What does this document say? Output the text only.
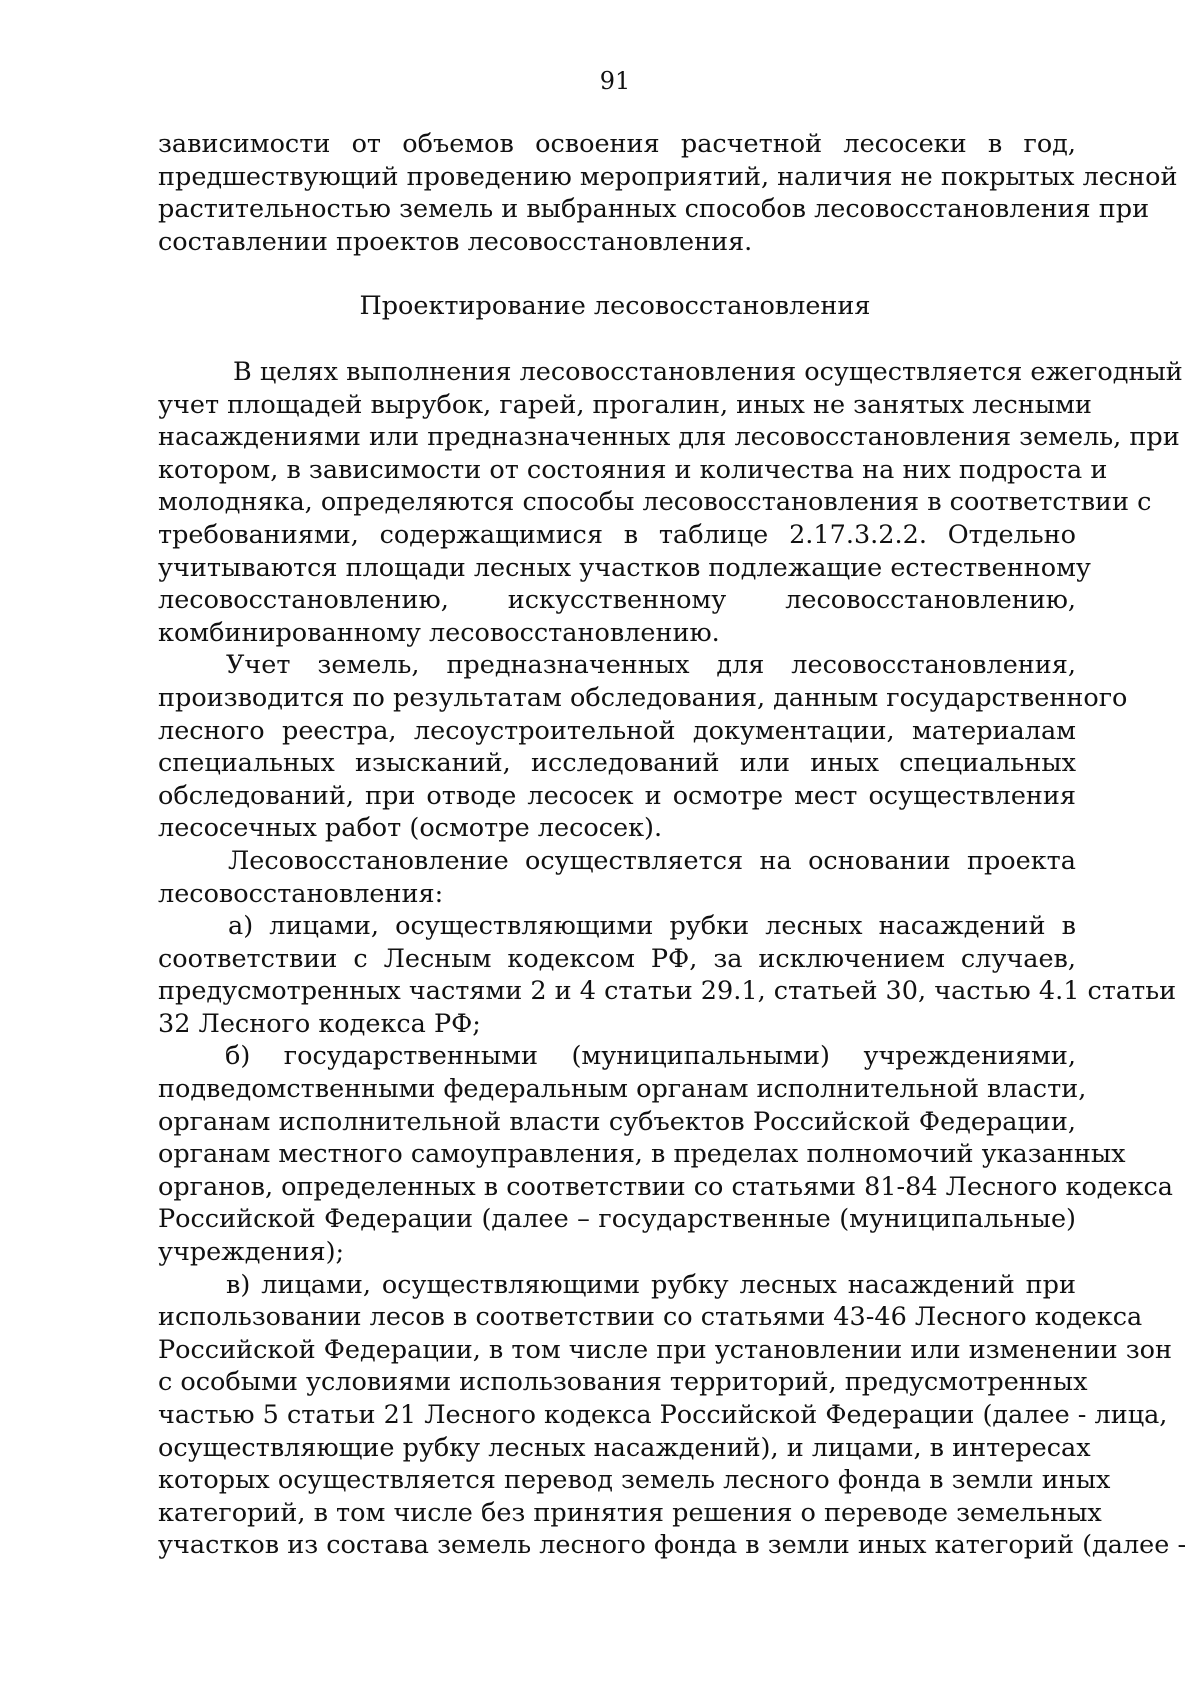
91
зависимости от объемов освоения расчетной лесосеки в год,
предшествующий проведению мероприятий, наличия не покрытых лесной
растительностью земель и выбранных способов лесовосстановления при
составлении проектов лесовосстановления.
Проектирование лесовосстановления
В целях выполнения лесовосстановления осуществляется ежегодный
учет площадей вырубок, гарей, прогалин, иных не занятых лесными
насаждениями или предназначенных для лесовосстановления земель, при
котором, в зависимости от состояния и количества на них подроста и
молодняка, определяются способы лесовосстановления в соответствии с
требованиями, содержащимися в таблице 2.17.3.2.2. Отдельно
учитываются площади лесных участков подлежащие естественному
лесовосстановлению, искусственному лесовосстановлению,
комбинированному лесовосстановлению.
Учет земель, предназначенных для лесовосстановления,
производится по результатам обследования, данным государственного
лесного реестра, лесоустроительной документации, материалам
специальных изысканий, исследований или иных специальных
обследований, при отводе лесосек и осмотре мест осуществления
лесосечных работ (осмотре лесосек).
Лесовосстановление осуществляется на основании проекта
лесовосстановления:
а) лицами, осуществляющими рубки лесных насаждений в
соответствии с Лесным кодексом РФ, за исключением случаев,
предусмотренных частями 2 и 4 статьи 29.1, статьей 30, частью 4.1 статьи
32 Лесного кодекса РФ;
б) государственными (муниципальными) учреждениями,
подведомственными федеральным органам исполнительной власти,
органам исполнительной власти субъектов Российской Федерации,
органам местного самоуправления, в пределах полномочий указанных
органов, определенных в соответствии со статьями 81-84 Лесного кодекса
Российской Федерации (далее – государственные (муниципальные)
учреждения);
в) лицами, осуществляющими рубку лесных насаждений при
использовании лесов в соответствии со статьями 43-46 Лесного кодекса
Российской Федерации, в том числе при установлении или изменении зон
с особыми условиями использования территорий, предусмотренных
частью 5 статьи 21 Лесного кодекса Российской Федерации (далее - лица,
осуществляющие рубку лесных насаждений), и лицами, в интересах
которых осуществляется перевод земель лесного фонда в земли иных
категорий, в том числе без принятия решения о переводе земельных
участков из состава земель лесного фонда в земли иных категорий (далее -
